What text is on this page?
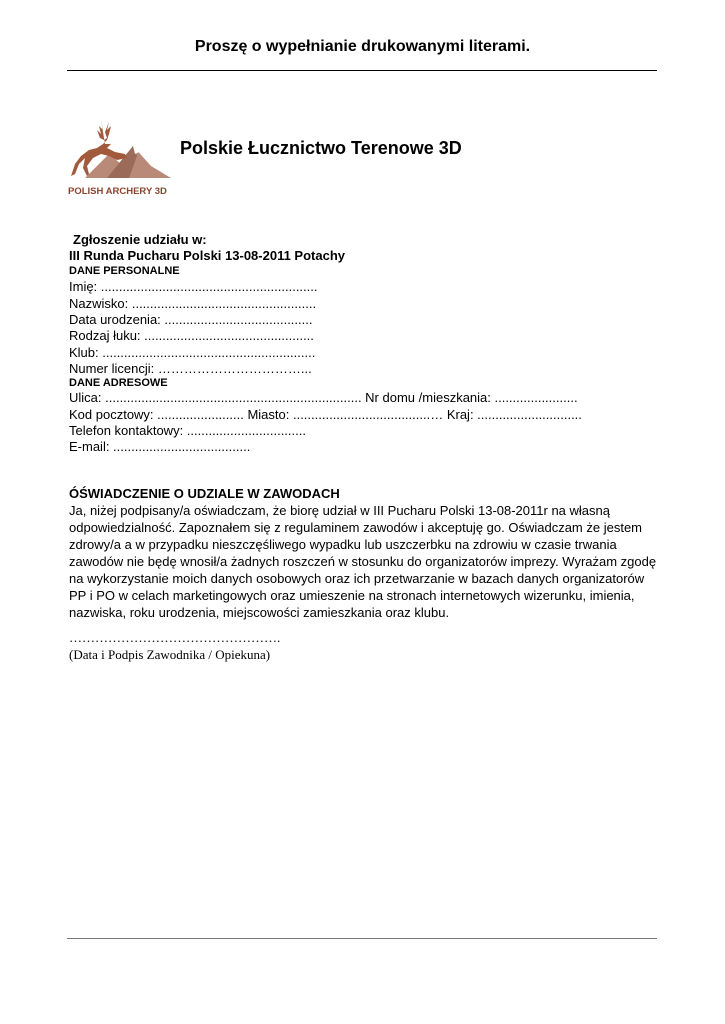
Proszę o wypełnianie drukowanymi literami.
POLISH ARCHERY 3D
Polskie Łucznictwo Terenowe 3D
Zgłoszenie udziału w:
III Runda Pucharu Polski 13-08-2011 Potachy
DANE PERSONALNE
Imię: ............................................................
Nazwisko: ...................................................
Data urodzenia: .........................................
Rodzaj łuku: ...............................................
Klub: ...........................................................
Numer licencji: ……………………………...
DANE ADRESOWE
Ulica: ....................................................................... Nr domu /mieszkania: .......................
Kod pocztowy: ........................ Miasto: ......................................… Kraj: .............................
Telefon kontaktowy: .................................
E-mail: ......................................
ÓŚWIADCZENIE O UDZIALE W ZAWODACH
Ja, niżej podpisany/a oświadczam, że biorę udział w III Pucharu Polski 13-08-2011r na własną odpowiedzialność. Zapoznałem się z regulaminem zawodów i akceptuję go. Oświadczam że jestem zdrowy/a a w przypadku nieszczęśliwego wypadku lub uszczerbku na zdrowiu w czasie trwania zawodów nie będę wnosił/a żadnych roszczeń w stosunku do organizatorów imprezy. Wyrażam zgodę na wykorzystanie moich danych osobowych oraz ich przetwarzanie w bazach danych organizatorów PP i PO w celach marketingowych oraz umieszenie na stronach internetowych wizerunku, imienia, nazwiska, roku urodzenia, miejscowości zamieszkania oraz klubu.
………………………………………….
(Data i Podpis Zawodnika / Opiekuna)
